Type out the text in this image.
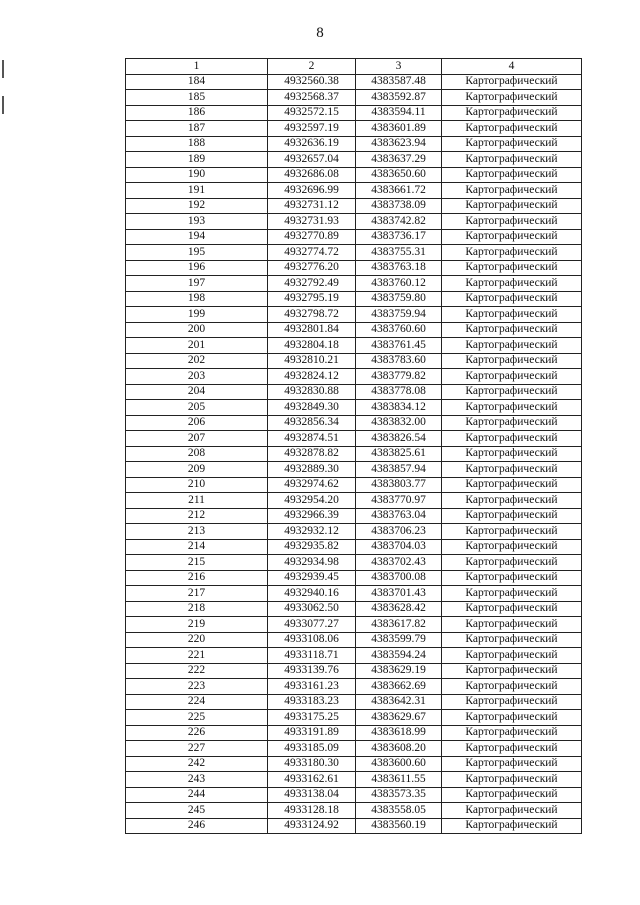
8
1	2	3	4
184	4932560.38	4383587.48	Картографический
185	4932568.37	4383592.87	Картографический
186	4932572.15	4383594.11	Картографический
187	4932597.19	4383601.89	Картографический
188	4932636.19	4383623.94	Картографический
189	4932657.04	4383637.29	Картографический
190	4932686.08	4383650.60	Картографический
191	4932696.99	4383661.72	Картографический
192	4932731.12	4383738.09	Картографический
193	4932731.93	4383742.82	Картографический
194	4932770.89	4383736.17	Картографический
195	4932774.72	4383755.31	Картографический
196	4932776.20	4383763.18	Картографический
197	4932792.49	4383760.12	Картографический
198	4932795.19	4383759.80	Картографический
199	4932798.72	4383759.94	Картографический
200	4932801.84	4383760.60	Картографический
201	4932804.18	4383761.45	Картографический
202	4932810.21	4383783.60	Картографический
203	4932824.12	4383779.82	Картографический
204	4932830.88	4383778.08	Картографический
205	4932849.30	4383834.12	Картографический
206	4932856.34	4383832.00	Картографический
207	4932874.51	4383826.54	Картографический
208	4932878.82	4383825.61	Картографический
209	4932889.30	4383857.94	Картографический
210	4932974.62	4383803.77	Картографический
211	4932954.20	4383770.97	Картографический
212	4932966.39	4383763.04	Картографический
213	4932932.12	4383706.23	Картографический
214	4932935.82	4383704.03	Картографический
215	4932934.98	4383702.43	Картографический
216	4932939.45	4383700.08	Картографический
217	4932940.16	4383701.43	Картографический
218	4933062.50	4383628.42	Картографический
219	4933077.27	4383617.82	Картографический
220	4933108.06	4383599.79	Картографический
221	4933118.71	4383594.24	Картографический
222	4933139.76	4383629.19	Картографический
223	4933161.23	4383662.69	Картографический
224	4933183.23	4383642.31	Картографический
225	4933175.25	4383629.67	Картографический
226	4933191.89	4383618.99	Картографический
227	4933185.09	4383608.20	Картографический
242	4933180.30	4383600.60	Картографический
243	4933162.61	4383611.55	Картографический
244	4933138.04	4383573.35	Картографический
245	4933128.18	4383558.05	Картографический
246	4933124.92	4383560.19	Картографический
